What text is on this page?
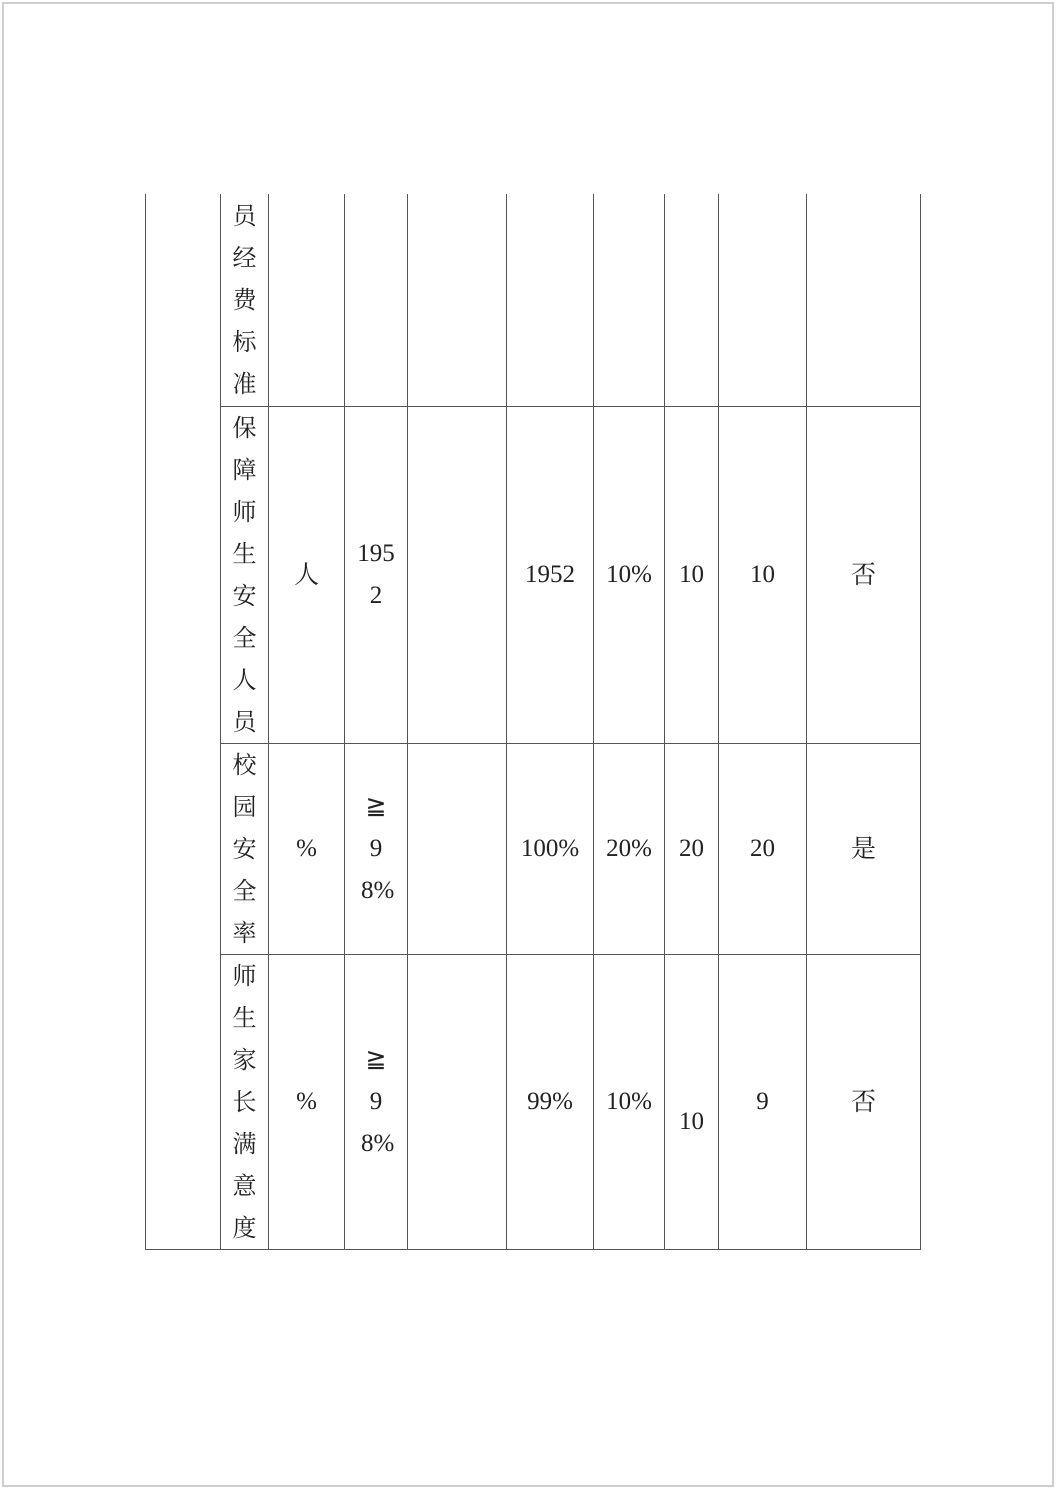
	员经费标准								

	保障师生安全人员	人	1952		1952	10%	10	10	否

	校园安全率	%	≧98%		100%	20%	20	20	是

	师生家长满意度	%	≧98%		99%	10%	10	9	否
